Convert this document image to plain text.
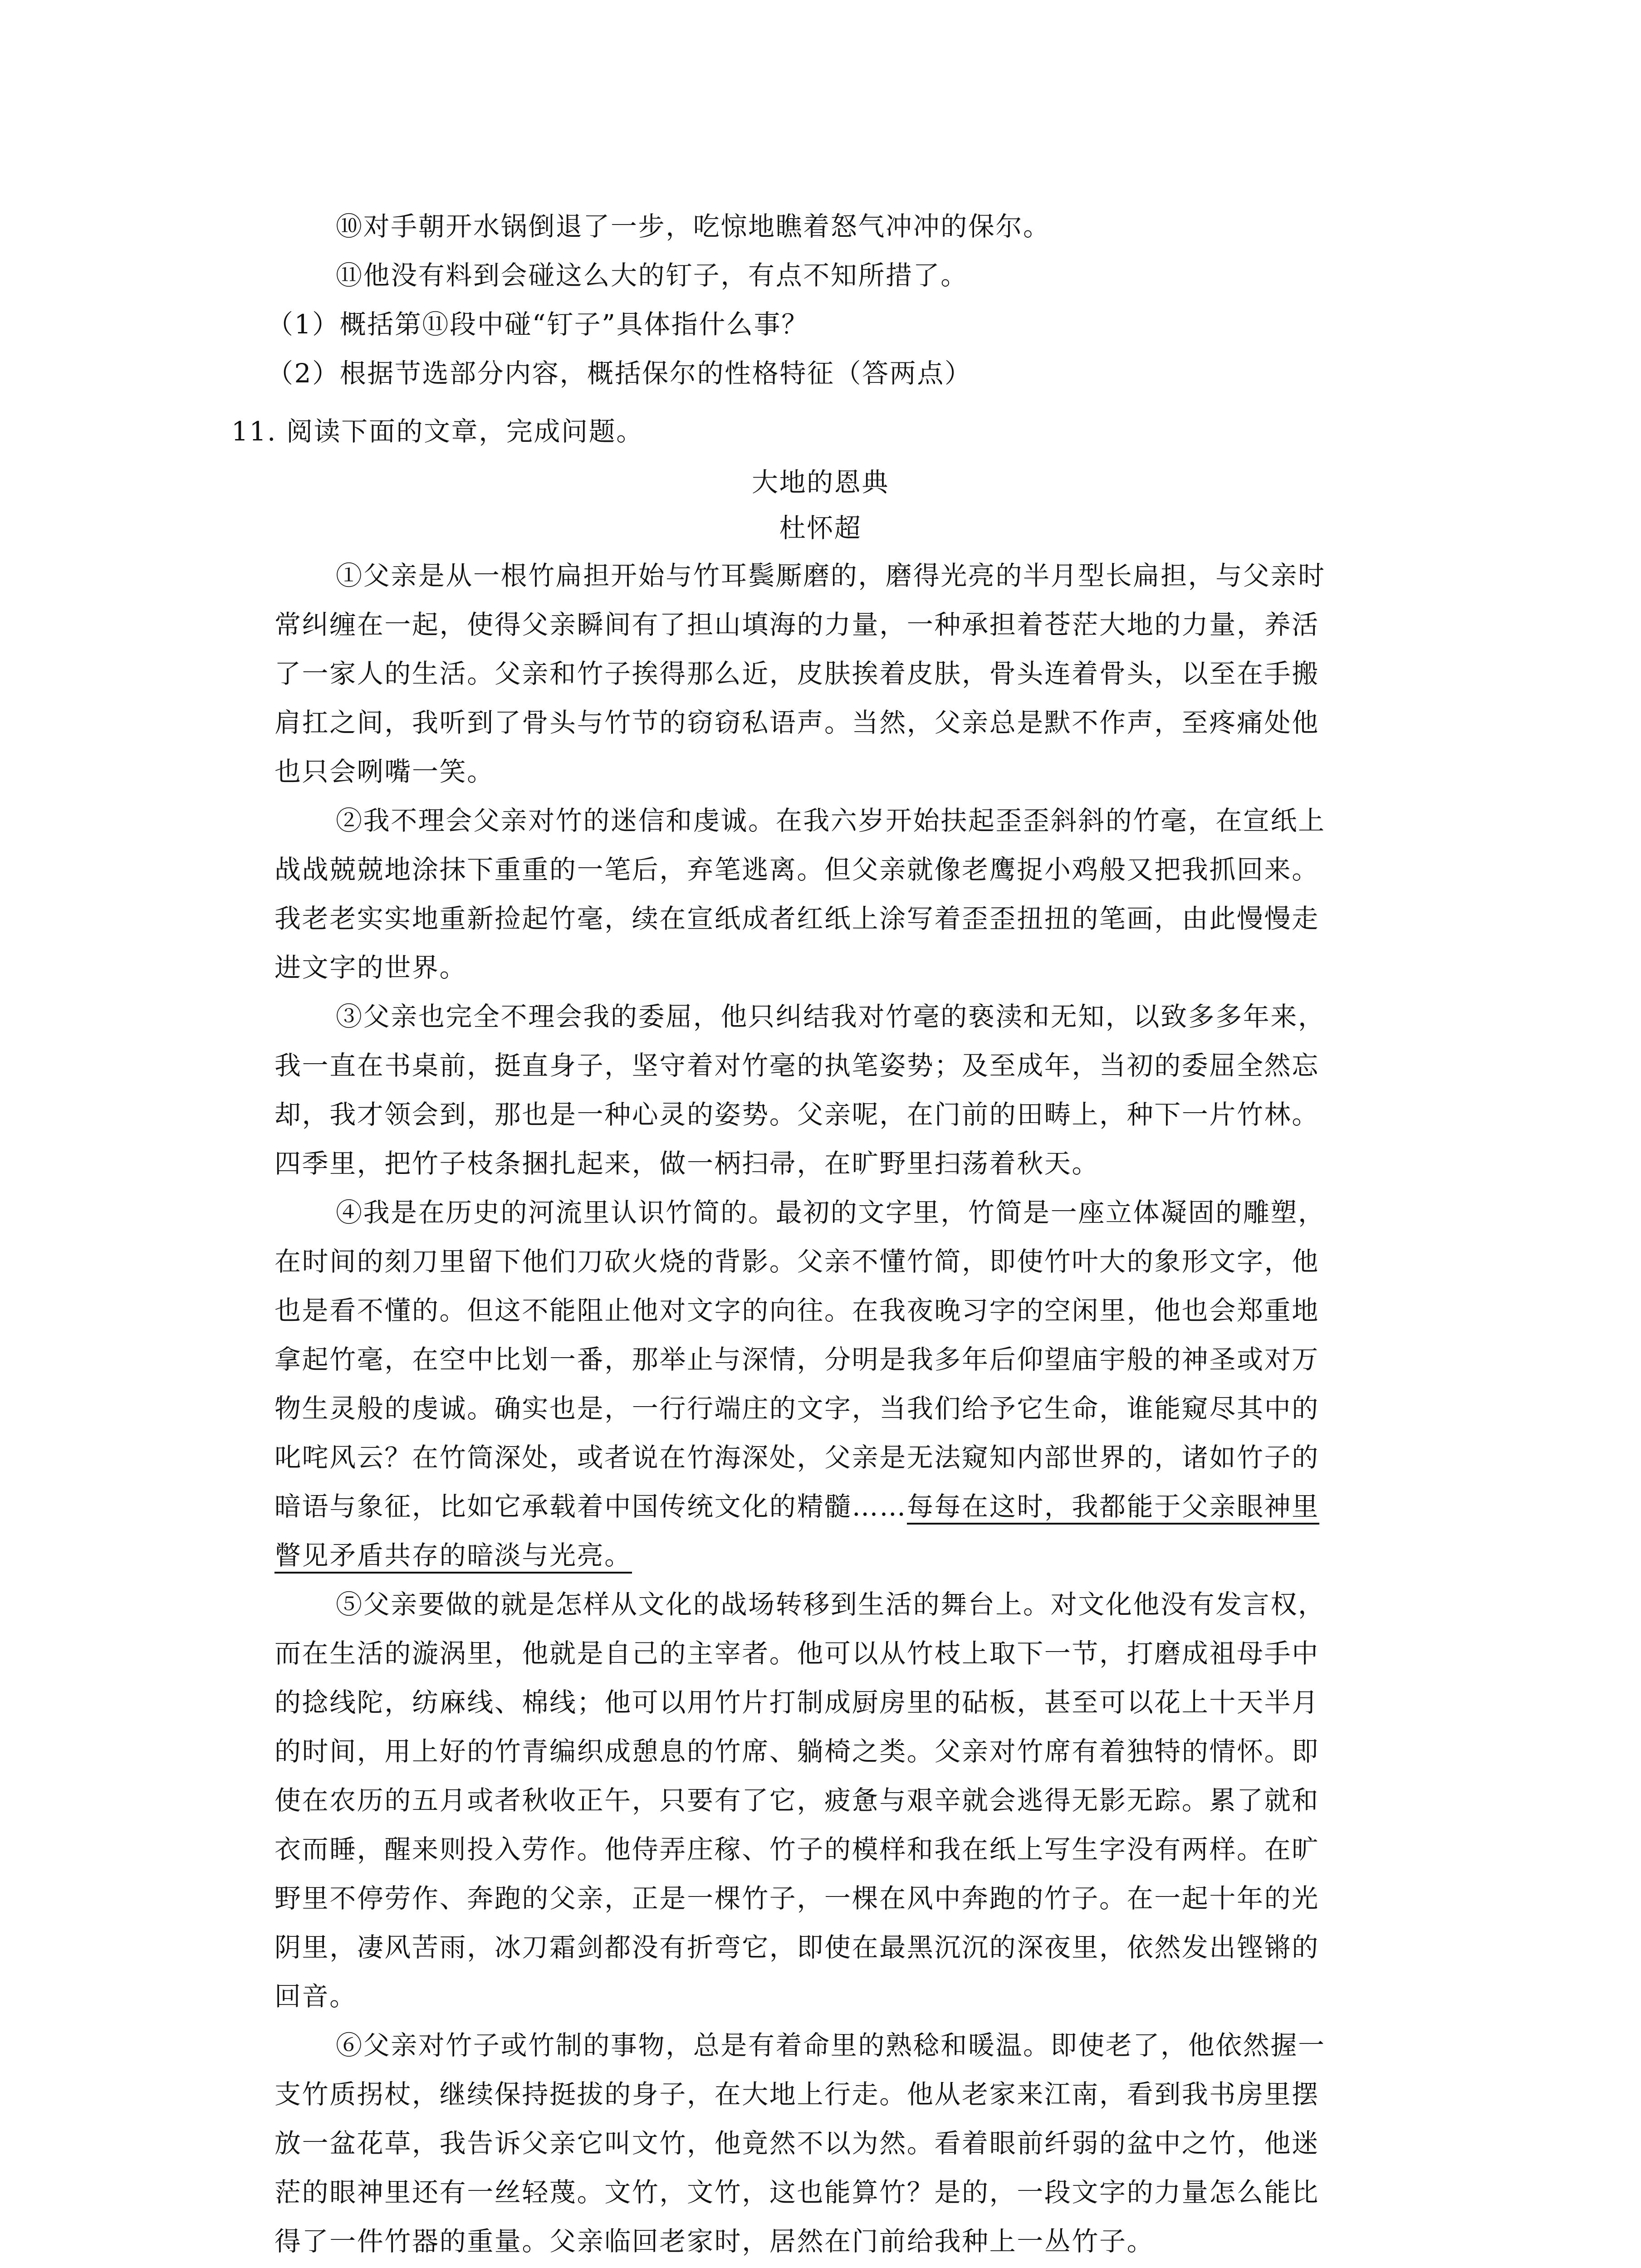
⑩对手朝开水锅倒退了一步，吃惊地瞧着怒气冲冲的保尔。
⑪他没有料到会碰这么大的钉子，有点不知所措了。
（1）概括第⑪段中碰“钉子”具体指什么事？
（2）根据节选部分内容，概括保尔的性格特征（答两点）
11. 阅读下面的文章，完成问题。
大地的恩典
杜怀超
①父亲是从一根竹扁担开始与竹耳鬓厮磨的，磨得光亮的半月型长扁担，与父亲时
常纠缠在一起，使得父亲瞬间有了担山填海的力量，一种承担着苍茫大地的力量，养活
了一家人的生活。父亲和竹子挨得那么近，皮肤挨着皮肤，骨头连着骨头，以至在手搬
肩扛之间，我听到了骨头与竹节的窃窃私语声。当然，父亲总是默不作声，至疼痛处他
也只会咧嘴一笑。
②我不理会父亲对竹的迷信和虔诚。在我六岁开始扶起歪歪斜斜的竹毫，在宣纸上
战战兢兢地涂抹下重重的一笔后，弃笔逃离。但父亲就像老鹰捉小鸡般又把我抓回来。
我老老实实地重新捡起竹毫，续在宣纸成者红纸上涂写着歪歪扭扭的笔画，由此慢慢走
进文字的世界。
③父亲也完全不理会我的委屈，他只纠结我对竹毫的亵渎和无知，以致多多年来，
我一直在书桌前，挺直身子，坚守着对竹毫的执笔姿势；及至成年，当初的委屈全然忘
却，我才领会到，那也是一种心灵的姿势。父亲呢，在门前的田畴上，种下一片竹林。
四季里，把竹子枝条捆扎起来，做一柄扫帚，在旷野里扫荡着秋天。
④我是在历史的河流里认识竹简的。最初的文字里，竹简是一座立体凝固的雕塑，
在时间的刻刀里留下他们刀砍火烧的背影。父亲不懂竹简，即使竹叶大的象形文字，他
也是看不懂的。但这不能阻止他对文字的向往。在我夜晚习字的空闲里，他也会郑重地
拿起竹毫，在空中比划一番，那举止与深情，分明是我多年后仰望庙宇般的神圣或对万
物生灵般的虔诚。确实也是，一行行端庄的文字，当我们给予它生命，谁能窥尽其中的
叱咤风云？在竹筒深处，或者说在竹海深处，父亲是无法窥知内部世界的，诸如竹子的
暗语与象征，比如它承载着中国传统文化的精髓……每每在这时，我都能于父亲眼神里
瞥见矛盾共存的暗淡与光亮。
⑤父亲要做的就是怎样从文化的战场转移到生活的舞台上。对文化他没有发言权，
而在生活的漩涡里，他就是自己的主宰者。他可以从竹枝上取下一节，打磨成祖母手中
的捻线陀，纺麻线、棉线；他可以用竹片打制成厨房里的砧板，甚至可以花上十天半月
的时间，用上好的竹青编织成憩息的竹席、躺椅之类。父亲对竹席有着独特的情怀。即
使在农历的五月或者秋收正午，只要有了它，疲惫与艰辛就会逃得无影无踪。累了就和
衣而睡，醒来则投入劳作。他侍弄庄稼、竹子的模样和我在纸上写生字没有两样。在旷
野里不停劳作、奔跑的父亲，正是一棵竹子，一棵在风中奔跑的竹子。在一起十年的光
阴里，凄风苦雨，冰刀霜剑都没有折弯它，即使在最黑沉沉的深夜里，依然发出铿锵的
回音。
⑥父亲对竹子或竹制的事物，总是有着命里的熟稔和暖温。即使老了，他依然握一
支竹质拐杖，继续保持挺拔的身子，在大地上行走。他从老家来江南，看到我书房里摆
放一盆花草，我告诉父亲它叫文竹，他竟然不以为然。看着眼前纤弱的盆中之竹，他迷
茫的眼神里还有一丝轻蔑。文竹，文竹，这也能算竹？是的，一段文字的力量怎么能比
得了一件竹器的重量。父亲临回老家时，居然在门前给我种上一丛竹子。
